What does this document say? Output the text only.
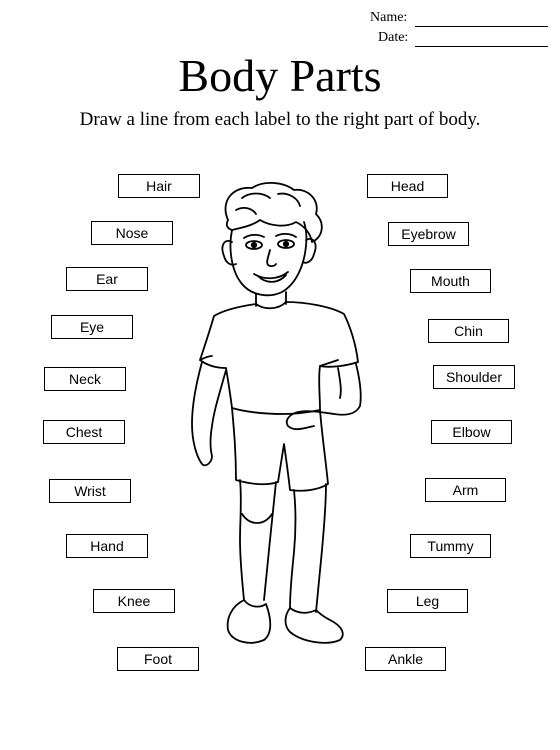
Name:
Date:
Body Parts
Draw a line from each label to the right part of body.
Hair
Nose
Ear
Eye
Neck
Chest
Wrist
Hand
Knee
Foot
Head
Eyebrow
Mouth
Chin
Shoulder
Elbow
Arm
Tummy
Leg
Ankle
